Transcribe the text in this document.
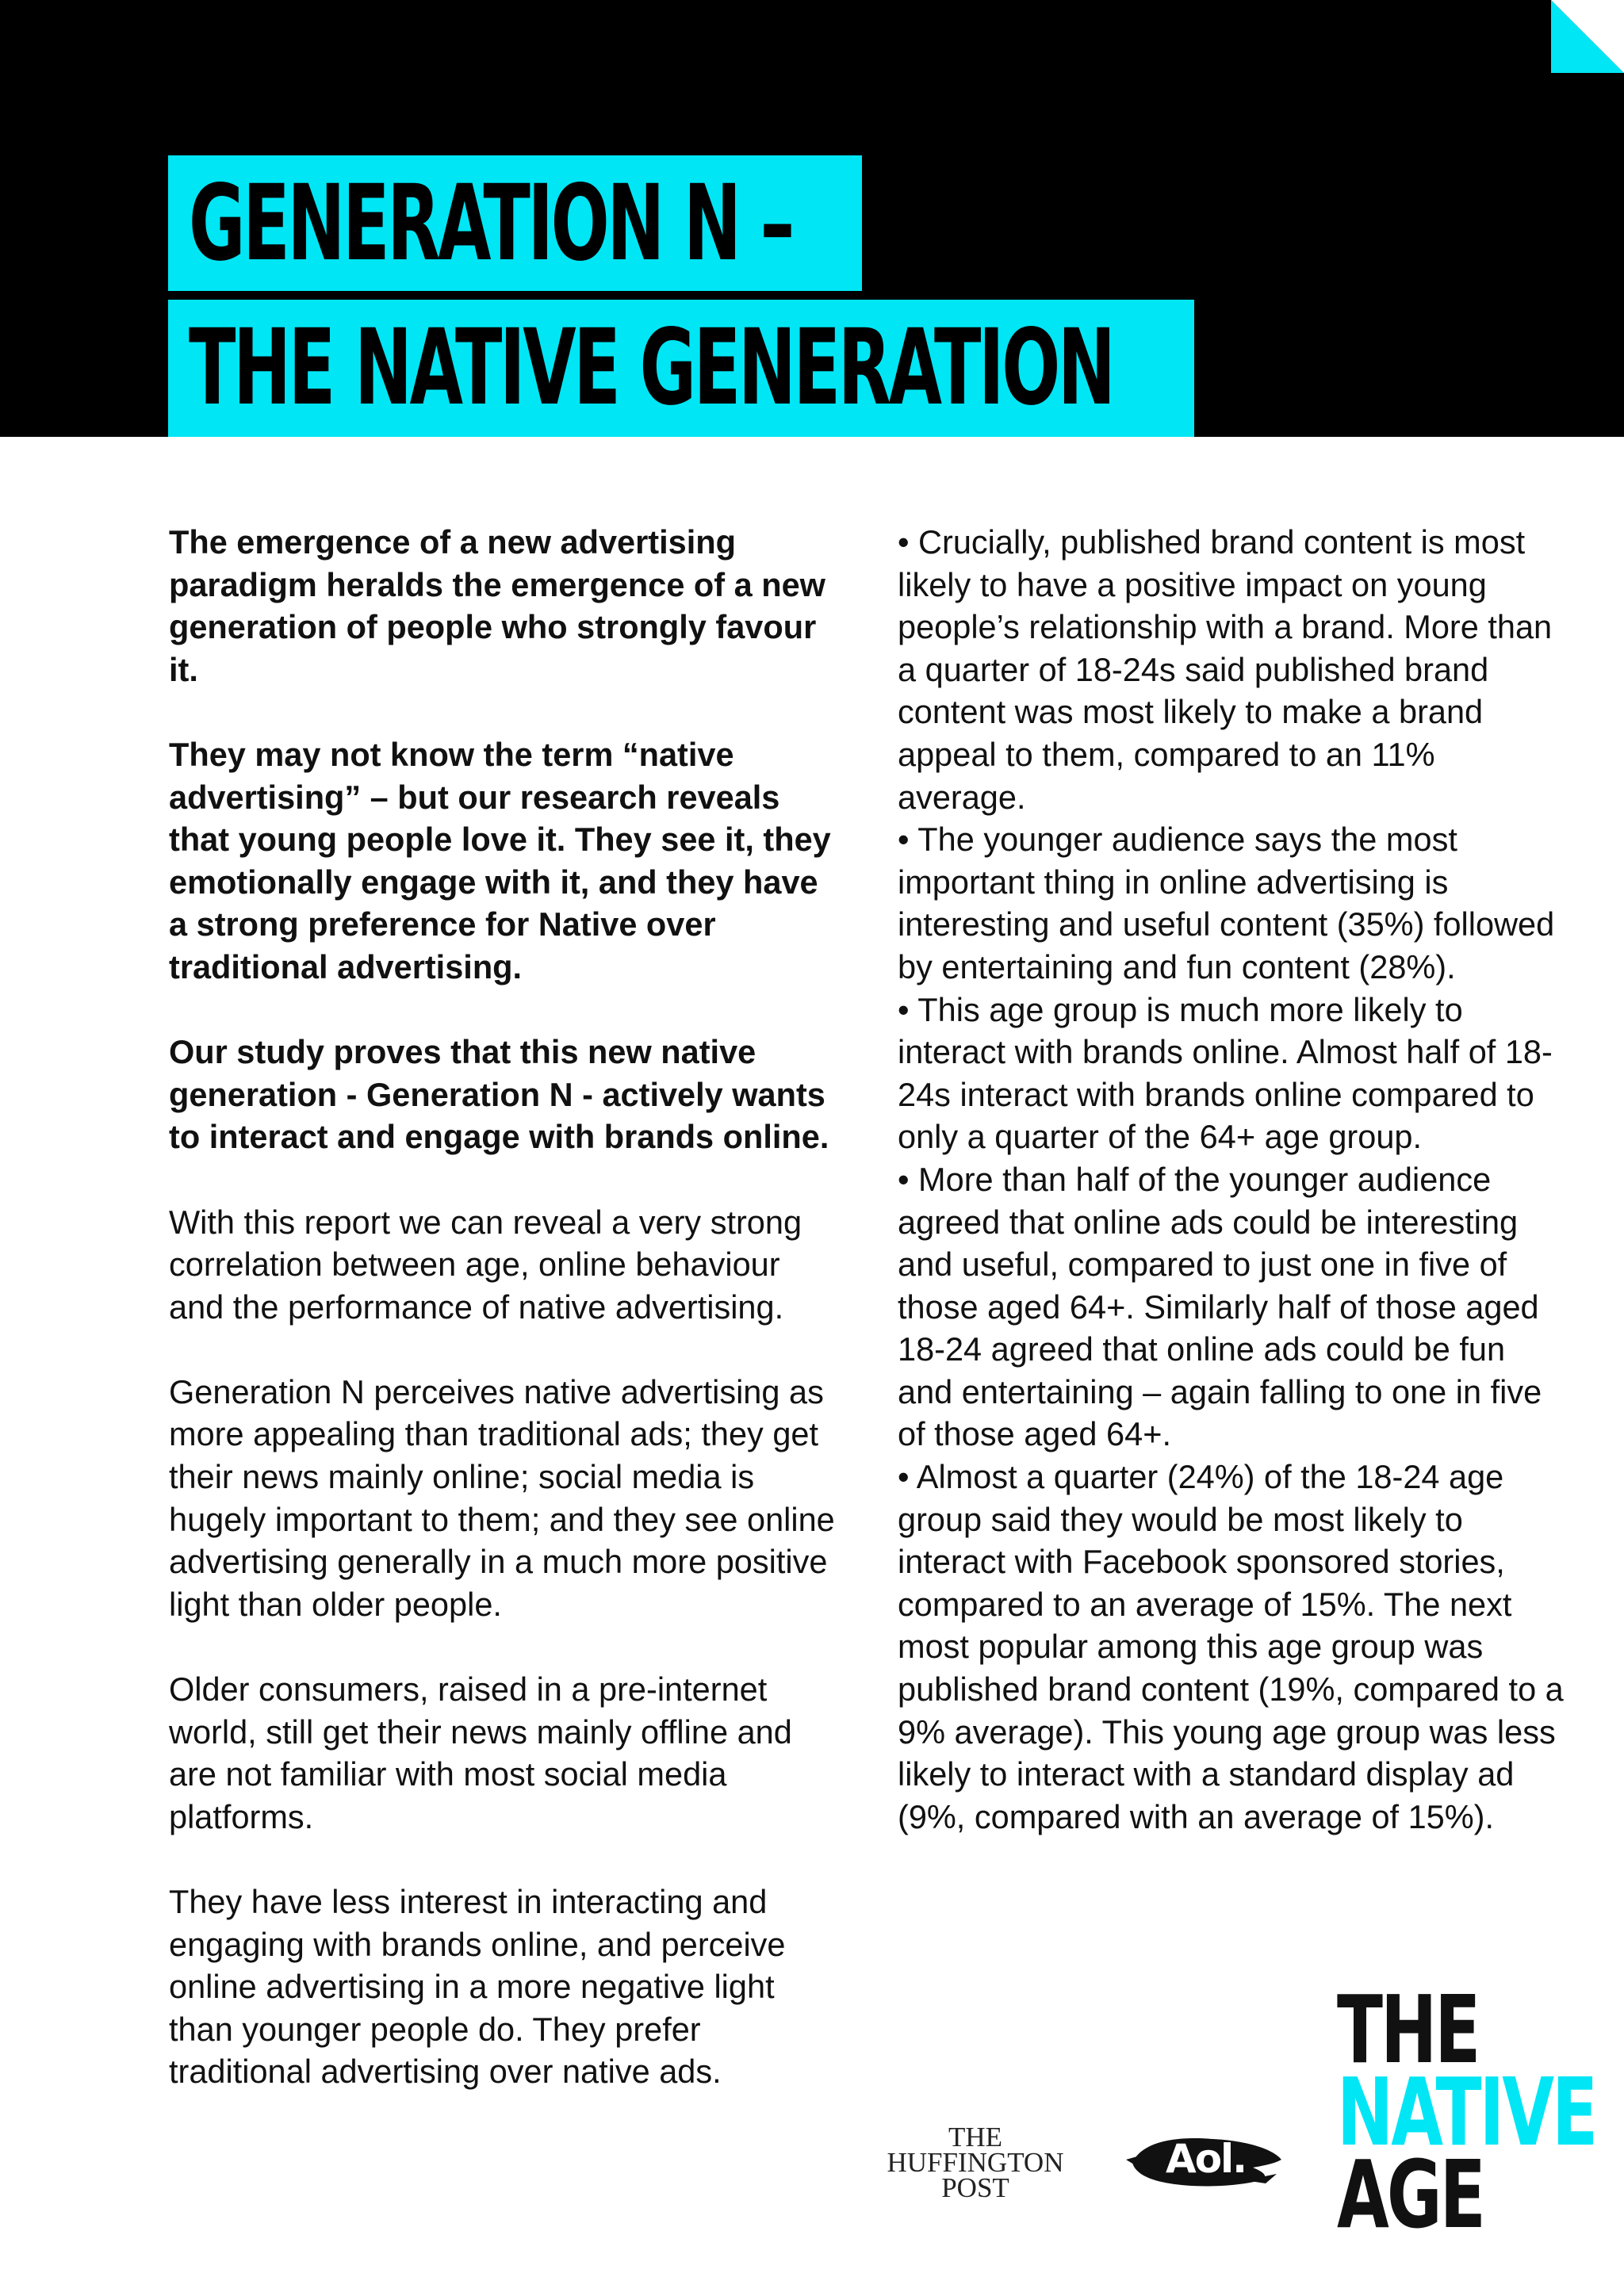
GENERATION N –
THE NATIVE GENERATION

The emergence of a new advertising paradigm heralds the emergence of a new generation of people who strongly favour it.

They may not know the term “native advertising” – but our research reveals that young people love it. They see it, they emotionally engage with it, and they have a strong preference for Native over traditional advertising.

Our study proves that this new native generation - Generation N - actively wants to interact and engage with brands online.

With this report we can reveal a very strong correlation between age, online behaviour and the performance of native advertising.

Generation N perceives native advertising as more appealing than traditional ads; they get their news mainly online; social media is hugely important to them; and they see online advertising generally in a much more positive light than older people.

Older consumers, raised in a pre-internet world, still get their news mainly offline and are not familiar with most social media platforms.

They have less interest in interacting and engaging with brands online, and perceive online advertising in a more negative light than younger people do. They prefer traditional advertising over native ads.

• Crucially, published brand content is most likely to have a positive impact on young people’s relationship with a brand. More than a quarter of 18-24s said published brand content was most likely to make a brand appeal to them, compared to an 11% average.

• The younger audience says the most important thing in online advertising is interesting and useful content (35%) followed by entertaining and fun content (28%).

• This age group is much more likely to interact with brands online. Almost half of 18-24s interact with brands online compared to only a quarter of the 64+ age group.

• More than half of the younger audience agreed that online ads could be interesting and useful, compared to just one in five of those aged 64+. Similarly half of those aged 18-24 agreed that online ads could be fun and entertaining – again falling to one in five of those aged 64+.

• Almost a quarter (24%) of the 18-24 age group said they would be most likely to interact with Facebook sponsored stories, compared to an average of 15%. The next most popular among this age group was published brand content (19%, compared to a 9% average). This young age group was less likely to interact with a standard display ad (9%, compared with an average of 15%).

THE
HUFFINGTON
POST
Aol.
THE
NATIVE
AGE
